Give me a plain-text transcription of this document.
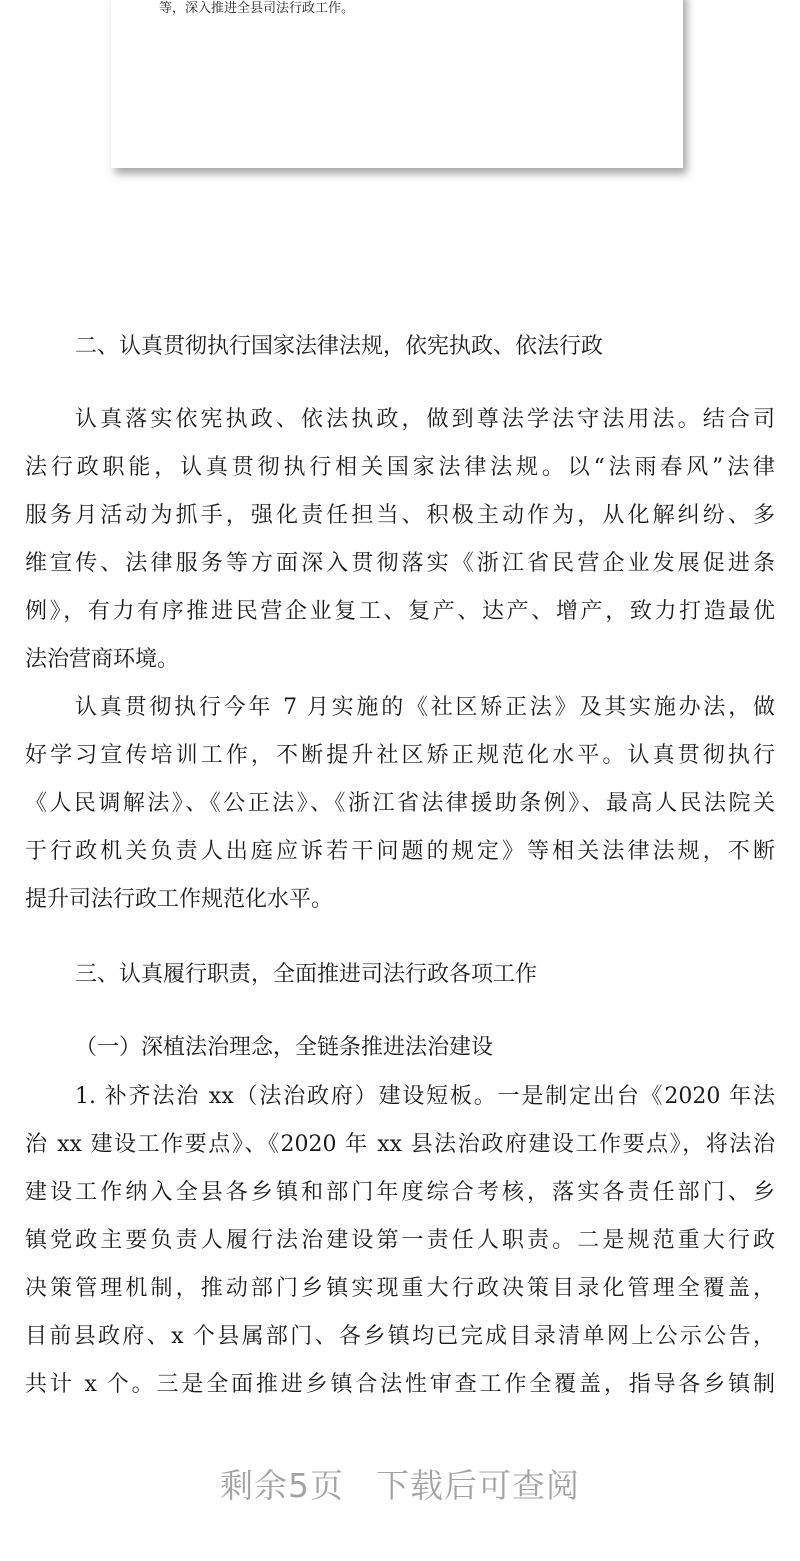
等，深入推进全县司法行政工作。
二、认真贯彻执行国家法律法规，依宪执政、依法行政
认真落实依宪执政、依法执政，做到尊法学法守法用法。结合司
法行政职能，认真贯彻执行相关国家法律法规。以“法雨春风”法律
服务月活动为抓手，强化责任担当、积极主动作为，从化解纠纷、多
维宣传、法律服务等方面深入贯彻落实《浙江省民营企业发展促进条
例》，有力有序推进民营企业复工、复产、达产、增产，致力打造最优
法治营商环境。
认真贯彻执行今年 7 月实施的《社区矫正法》及其实施办法，做
好学习宣传培训工作，不断提升社区矫正规范化水平。认真贯彻执行
《人民调解法》、《公正法》、《浙江省法律援助条例》、最高人民法院关
于行政机关负责人出庭应诉若干问题的规定》等相关法律法规，不断
提升司法行政工作规范化水平。
三、认真履行职责，全面推进司法行政各项工作
（一）深植法治理念，全链条推进法治建设
1. 补齐法治 xx（法治政府）建设短板。一是制定出台《2020 年法
治 xx 建设工作要点》、《2020 年 xx 县法治政府建设工作要点》，将法治
建设工作纳入全县各乡镇和部门年度综合考核，落实各责任部门、乡
镇党政主要负责人履行法治建设第一责任人职责。二是规范重大行政
决策管理机制，推动部门乡镇实现重大行政决策目录化管理全覆盖，
目前县政府、x 个县属部门、各乡镇均已完成目录清单网上公示公告，
共计 x 个。三是全面推进乡镇合法性审查工作全覆盖，指导各乡镇制
剩余5页 下载后可查阅
